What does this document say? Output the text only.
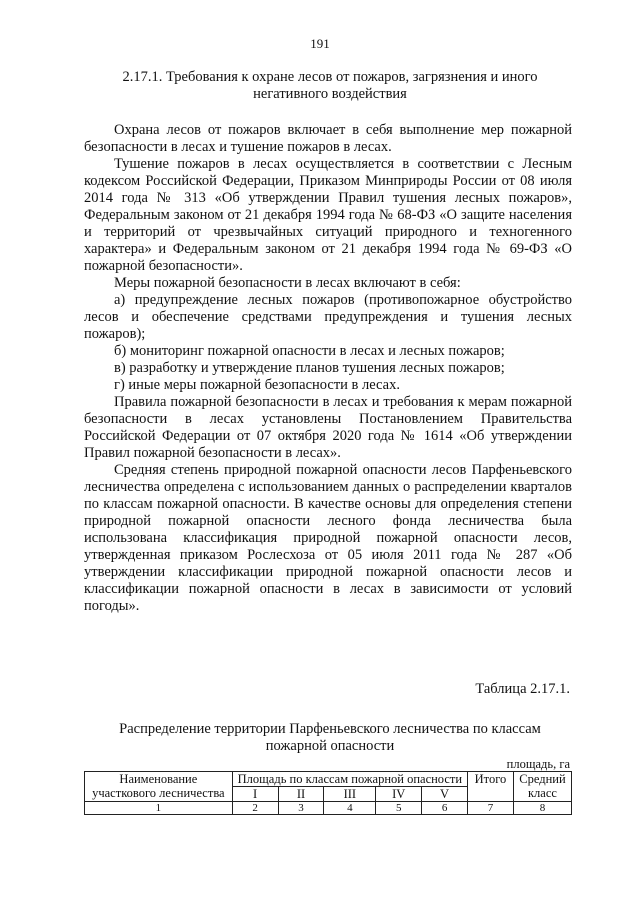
191
2.17.1. Требования к охране лесов от пожаров, загрязнения и иного негативного воздействия

Охрана лесов от пожаров включает в себя выполнение мер пожарной безопасности в лесах и тушение пожаров в лесах.

Тушение пожаров в лесах осуществляется в соответствии с Лесным кодексом Российской Федерации, Приказом Минприроды России от 08 июля 2014 года № 313 «Об утверждении Правил тушения лесных пожаров», Федеральным законом от 21 декабря 1994 года № 68-ФЗ «О защите населения и территорий от чрезвычайных ситуаций природного и техногенного характера» и Федеральным законом от 21 декабря 1994 года № 69-ФЗ «О пожарной безопасности».

Меры пожарной безопасности в лесах включают в себя:

а) предупреждение лесных пожаров (противопожарное обустройство лесов и обеспечение средствами предупреждения и тушения лесных пожаров);

б) мониторинг пожарной опасности в лесах и лесных пожаров;

в) разработку и утверждение планов тушения лесных пожаров;

г) иные меры пожарной безопасности в лесах.

Правила пожарной безопасности в лесах и требования к мерам пожарной безопасности в лесах установлены Постановлением Правительства Российской Федерации от 07 октября 2020 года № 1614 «Об утверждении Правил пожарной безопасности в лесах».

Средняя степень природной пожарной опасности лесов Парфеньевского лесничества определена с использованием данных о распределении кварталов по классам пожарной опасности. В качестве основы для определения степени природной пожарной опасности лесного фонда лесничества была использована классификация природной пожарной опасности лесов, утвержденная приказом Рослесхоза от 05 июля 2011 года № 287 «Об утверждении классификации природной пожарной опасности лесов и классификации пожарной опасности в лесах в зависимости от условий погоды».

Таблица 2.17.1.
Распределение территории Парфеньевского лесничества по классам пожарной опасности
площадь, га
Наименование участкового лесничества	Площадь по классам пожарной опасности					Итого	Средний класс
	I	II	III	IV	V		
1	2	3	4	5	6	7	8
